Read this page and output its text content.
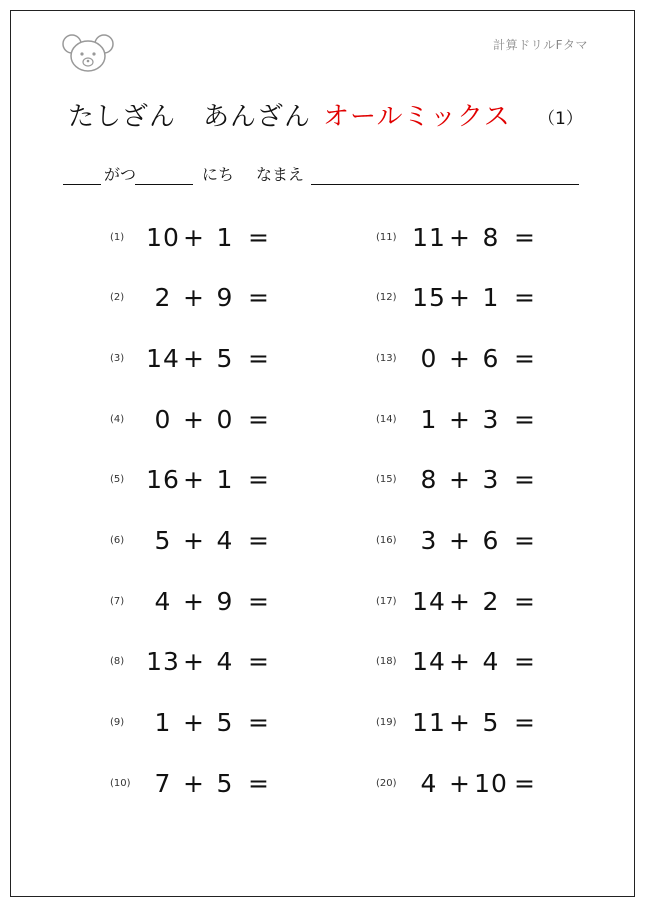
計算ドリルFタマ
たしざん　あんざん オールミックス （1）
がつ	にち なまえ
(1) 10 + 1 =
(2)	2 + 9 =
(3) 14 + 5 =
(4)	0 + 0 =
(5) 16 + 1 =
(6)	5 + 4 =
(7)	4 + 9 =
(8) 13 + 4 =
(9)	1 + 5 =
(10) 7 + 5 =
(11) 11 + 8 =
(12) 15 + 1 =
(13) 0 + 6 =
(14) 1 + 3 =
(15) 8 + 3 =
(16) 3 + 6 =
(17) 14 + 2 =
(18) 14 + 4 =
(19) 11 + 5 =
(20) 4 + 10 =
